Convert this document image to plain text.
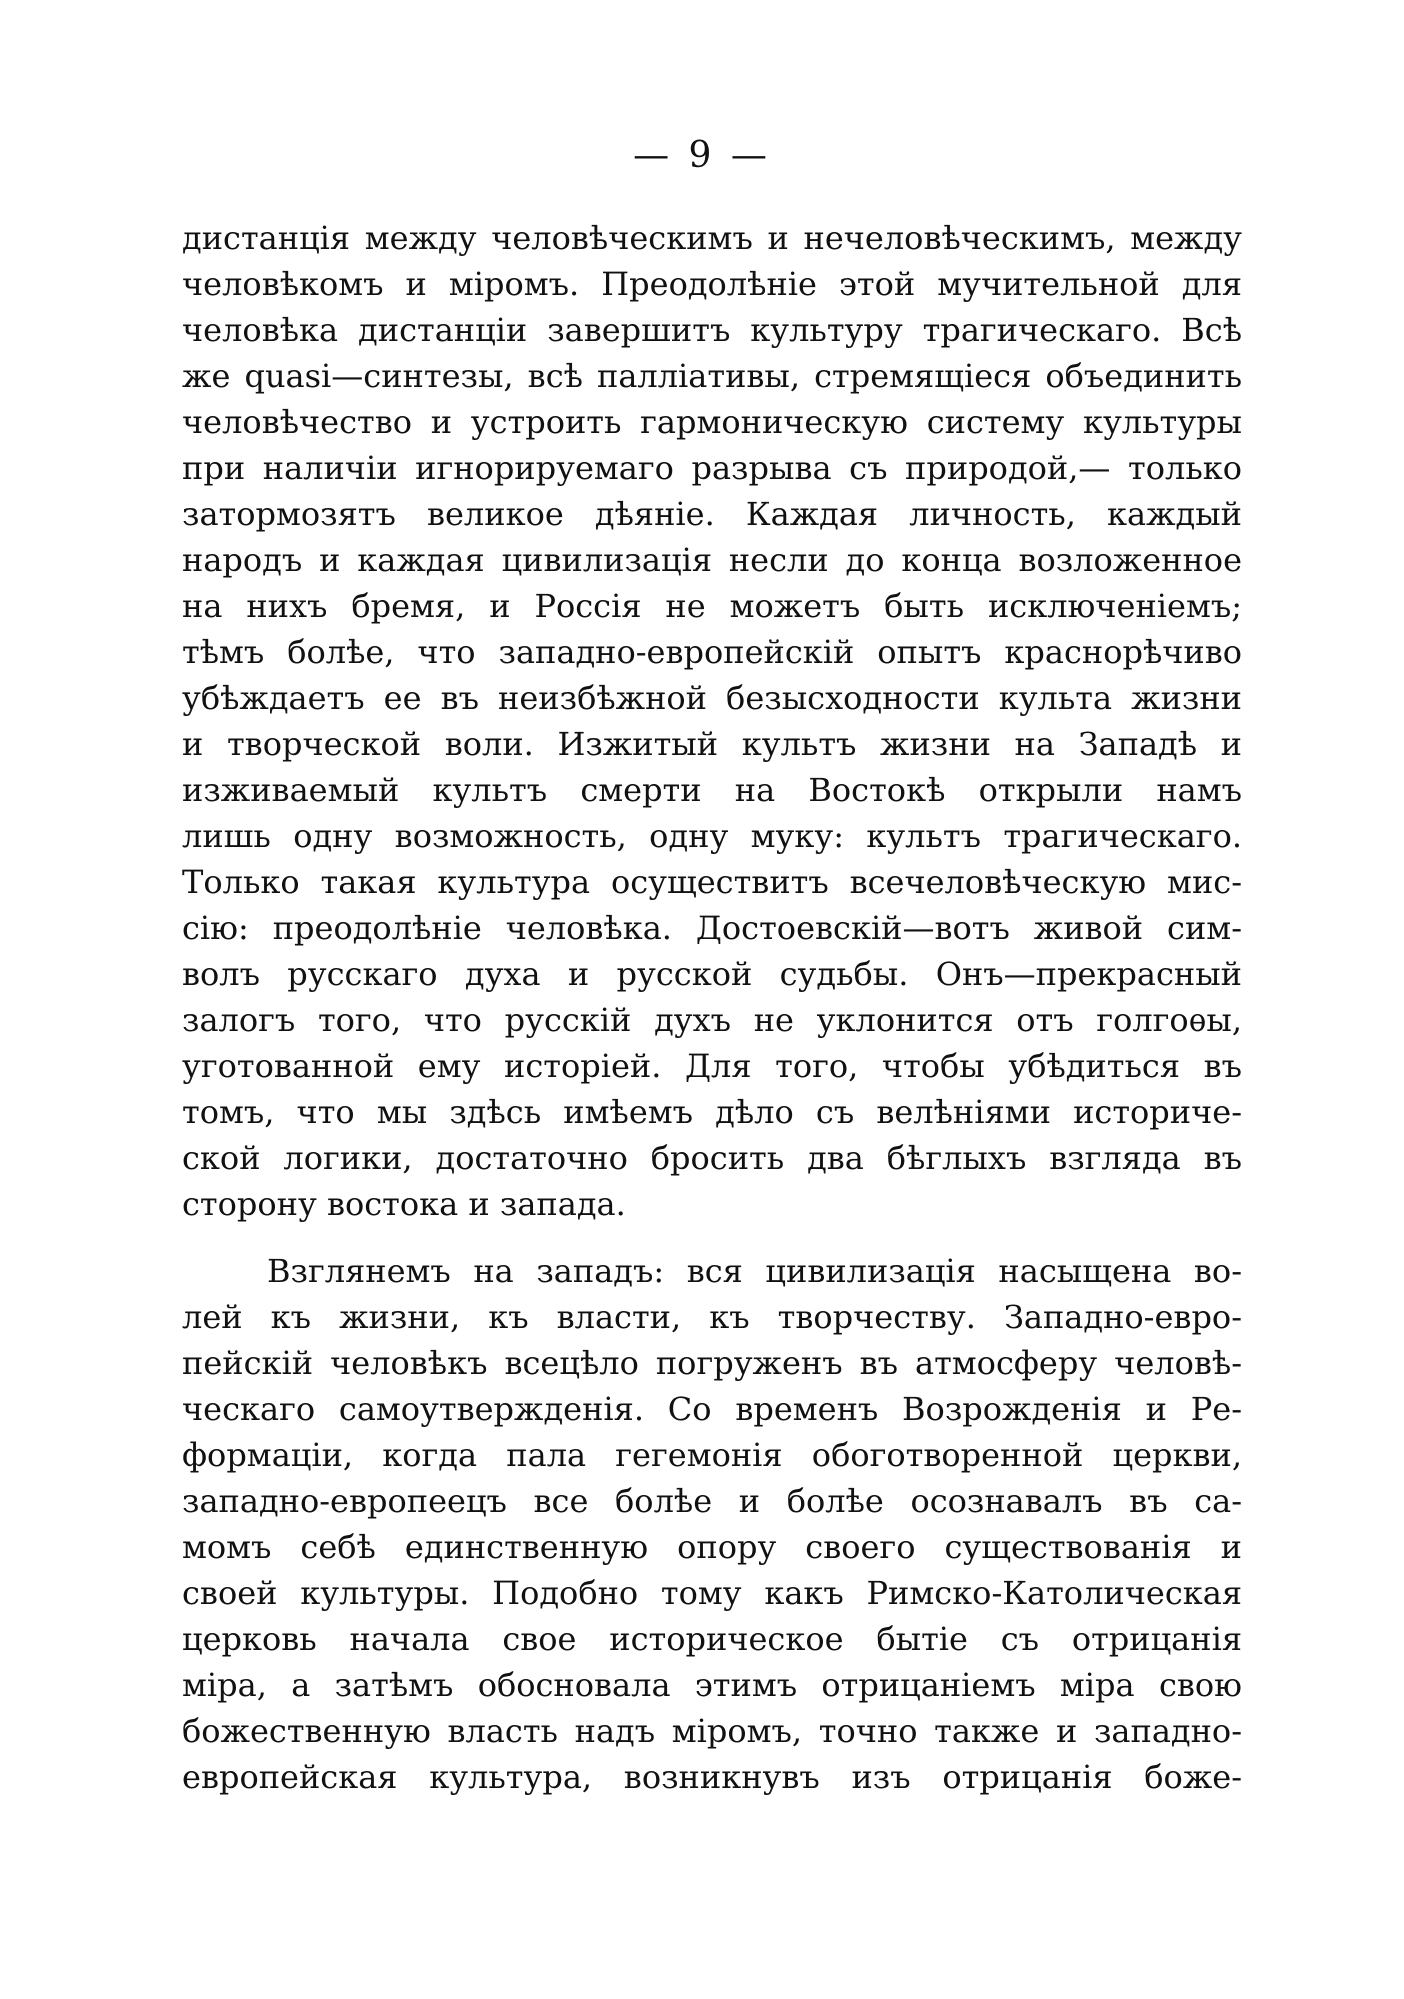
— 9 —
дистанція между человѣческимъ и нечеловѣческимъ, между
человѣкомъ и міромъ. Преодолѣніе этой мучительной для
человѣка дистанціи завершитъ культуру трагическаго. Всѣ
же quasi—синтезы, всѣ палліативы, стремящіеся объединить
человѣчество и устроить гармоническую систему культуры
при наличіи игнорируемаго разрыва съ природой,— только
затормозятъ великое дѣяніе. Каждая личность, каждый
народъ и каждая цивилизація несли до конца возложенное
на нихъ бремя, и Россія не можетъ быть исключеніемъ;
тѣмъ болѣе, что западно-европейскій опытъ краснорѣчиво
убѣждаетъ ее въ неизбѣжной безысходности культа жизни
и творческой воли. Изжитый культъ жизни на Западѣ и
изживаемый культъ смерти на Востокѣ открыли намъ
лишь одну возможность, одну муку: культъ трагическаго.
Только такая культура осуществитъ всечеловѣческую мис-
сію: преодолѣніе человѣка. Достоевскій—вотъ живой сим-
волъ русскаго духа и русской судьбы. Онъ—прекрасный
залогъ того, что русскій духъ не уклонится отъ голгоѳы,
уготованной ему исторіей. Для того, чтобы убѣдиться въ
томъ, что мы здѣсь имѣемъ дѣло съ велѣніями историче-
ской логики, достаточно бросить два бѣглыхъ взгляда въ
сторону востока и запада.
Взглянемъ на западъ: вся цивилизація насыщена во-
лей къ жизни, къ власти, къ творчеству. Западно-евро-
пейскій человѣкъ всецѣло погруженъ въ атмосферу человѣ-
ческаго самоутвержденія. Со временъ Возрожденія и Ре-
формаціи, когда пала гегемонія обоготворенной церкви,
западно-европеецъ все болѣе и болѣе осознавалъ въ са-
момъ себѣ единственную опору своего существованія и
своей культуры. Подобно тому какъ Римско-Католическая
церковь начала свое историческое бытіе съ отрицанія
міра, а затѣмъ обосновала этимъ отрицаніемъ міра свою
божественную власть надъ міромъ, точно также и западно-
европейская культура, возникнувъ изъ отрицанія боже-
